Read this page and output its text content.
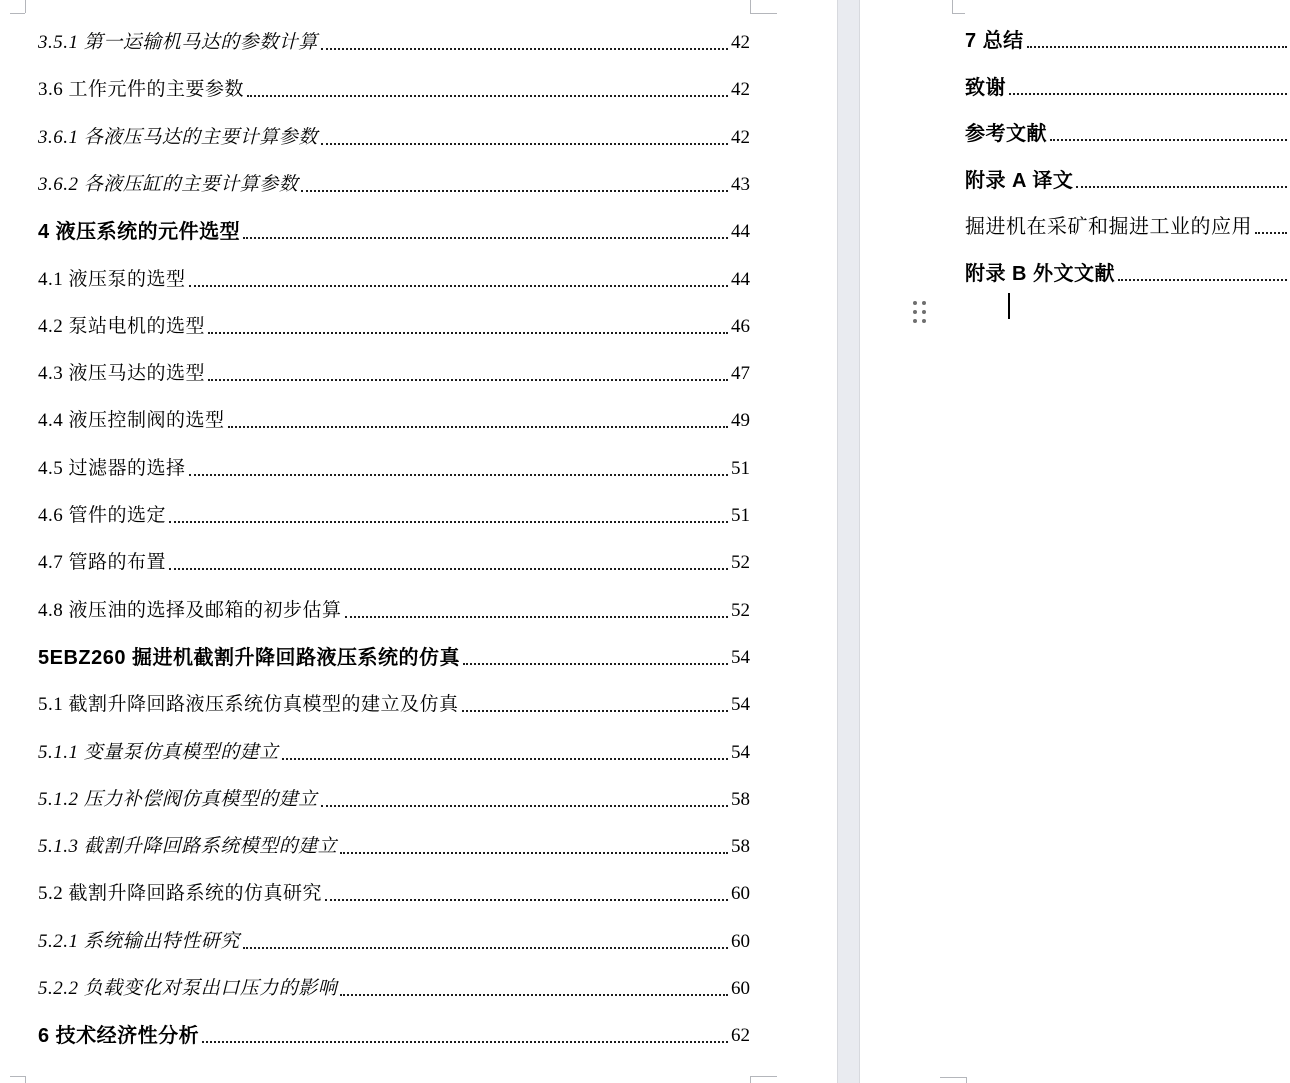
3.5.1 第一运输机马达的参数计算	42
3.6 工作元件的主要参数	42
3.6.1 各液压马达的主要计算参数	42
3.6.2 各液压缸的主要计算参数	43
4 液压系统的元件选型	44
4.1 液压泵的选型	44
4.2 泵站电机的选型	46
4.3 液压马达的选型	47
4.4 液压控制阀的选型	49
4.5 过滤器的选择	51
4.6 管件的选定	51
4.7 管路的布置	52
4.8 液压油的选择及邮箱的初步估算	52
5EBZ260 掘进机截割升降回路液压系统的仿真	54
5.1 截割升降回路液压系统仿真模型的建立及仿真	54
5.1.1 变量泵仿真模型的建立	54
5.1.2 压力补偿阀仿真模型的建立	58
5.1.3 截割升降回路系统模型的建立	58
5.2 截割升降回路系统的仿真研究	60
5.2.1 系统输出特性研究	60
5.2.2 负载变化对泵出口压力的影响	60
6 技术经济性分析	62
7 总结
致谢
参考文献
附录 A 译文
掘进机在采矿和掘进工业的应用
附录 B 外文文献
